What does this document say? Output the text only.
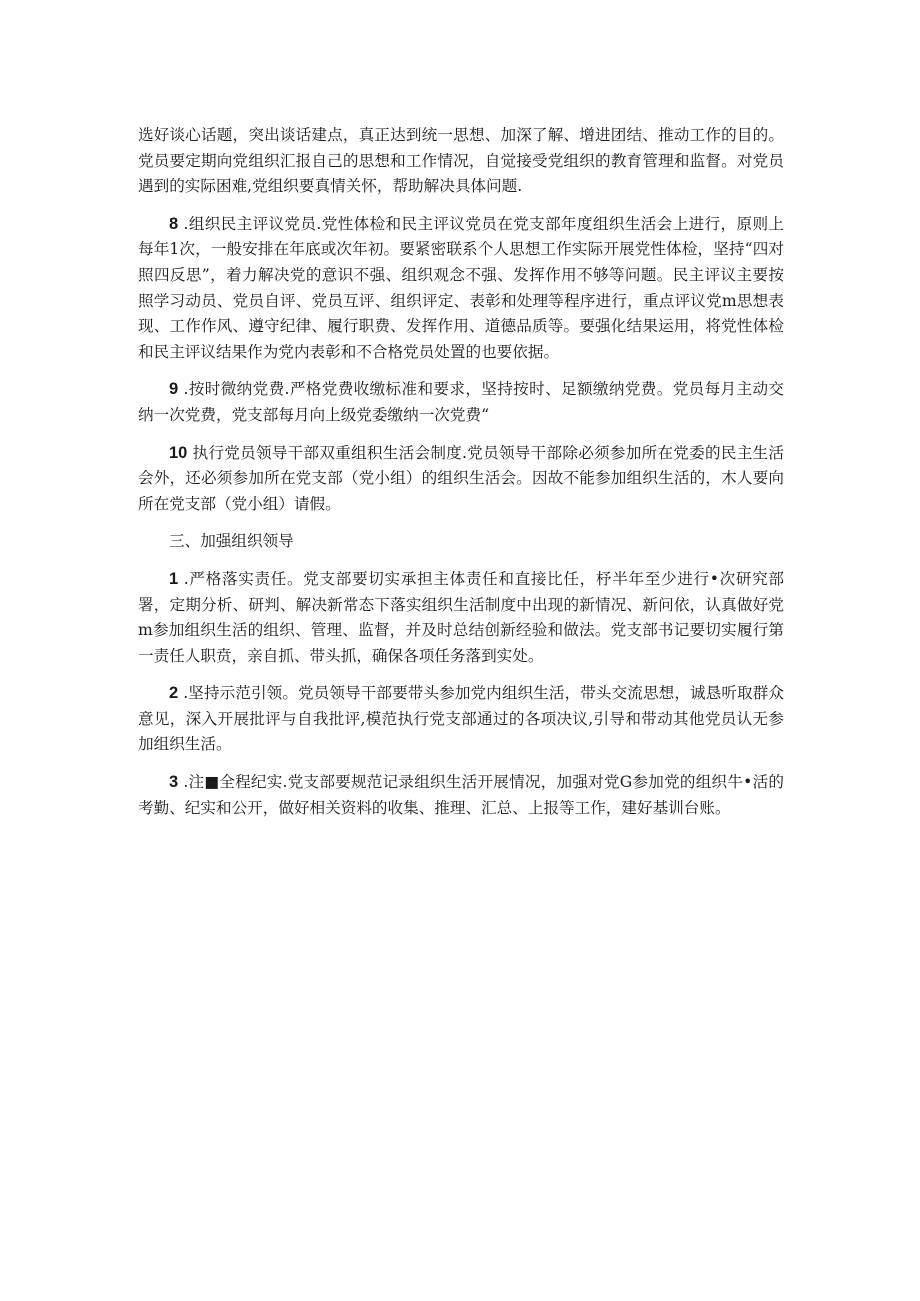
选好谈心话题，突出谈话建点，真正达到统一思想、加深了解、增进团结、推动工作的目的。党员要定期向党组织汇报自己的思想和工作情况，自觉接受党组织的教育管理和监督。对党员遇到的实际困难,党组织要真情关怀，帮助解决具体问题.

8 .组织民主评议党员.党性体检和民主评议党员在党支部年度组织生活会上进行，原则上每年1次，一般安排在年底或次年初。要紧密联系个人思想工作实际开展党性体检，坚持“四对照四反思”，着力解决党的意识不强、组织观念不强、发挥作用不够等问题。民主评议主要按照学习动员、党员自评、党员互评、组织评定、表彰和处理等程序进行，重点评议党m思想表现、工作作风、遵守纪律、履行职费、发挥作用、道德品质等。要强化结果运用，将党性体检和民主评议结果作为党内表彰和不合格党员处置的也要依据。

9 .按时微纳党费.严格党费收缴标准和要求，坚持按时、足额缴纳党费。党员每月主动交纳一次党费，党支部每月向上级党委缴纳一次党费“

10 执行党员领导干部双重组积生活会制度.党员领导干部除必须参加所在党委的民主生活会外，还必须参加所在党支部（党小组）的组织生活会。因故不能参加组织生活的，木人要向所在党支部（党小组）请假。

三、加强组织领导

1 .严格落实责任。党支部要切实承担主体责任和直接比任，杼半年至少进行•次研究部署，定期分析、研判、解决新常态下落实组织生活制度中出现的新情况、新问依，认真做好党m参加组织生活的组织、管理、监督，并及时总结创新经验和做法。党支部书记要切实履行第一责任人职贲，亲自抓、带头抓，确保各项任务落到实处。

2 .坚持示范引领。党员领导干部要带头参加党内组织生活，带头交流思想，诚恳听取群众意见，深入开展批评与自我批评,模范执行党支部通过的各项决议,引导和带动其他党员认无参加组织生活。

3 .注■全程纪实.党支部要规范记录组织生活开展情况，加强对党G参加党的组织牛•活的考勤、纪实和公开，做好相关资料的收集、推理、汇总、上报等工作，建好基训台账。
